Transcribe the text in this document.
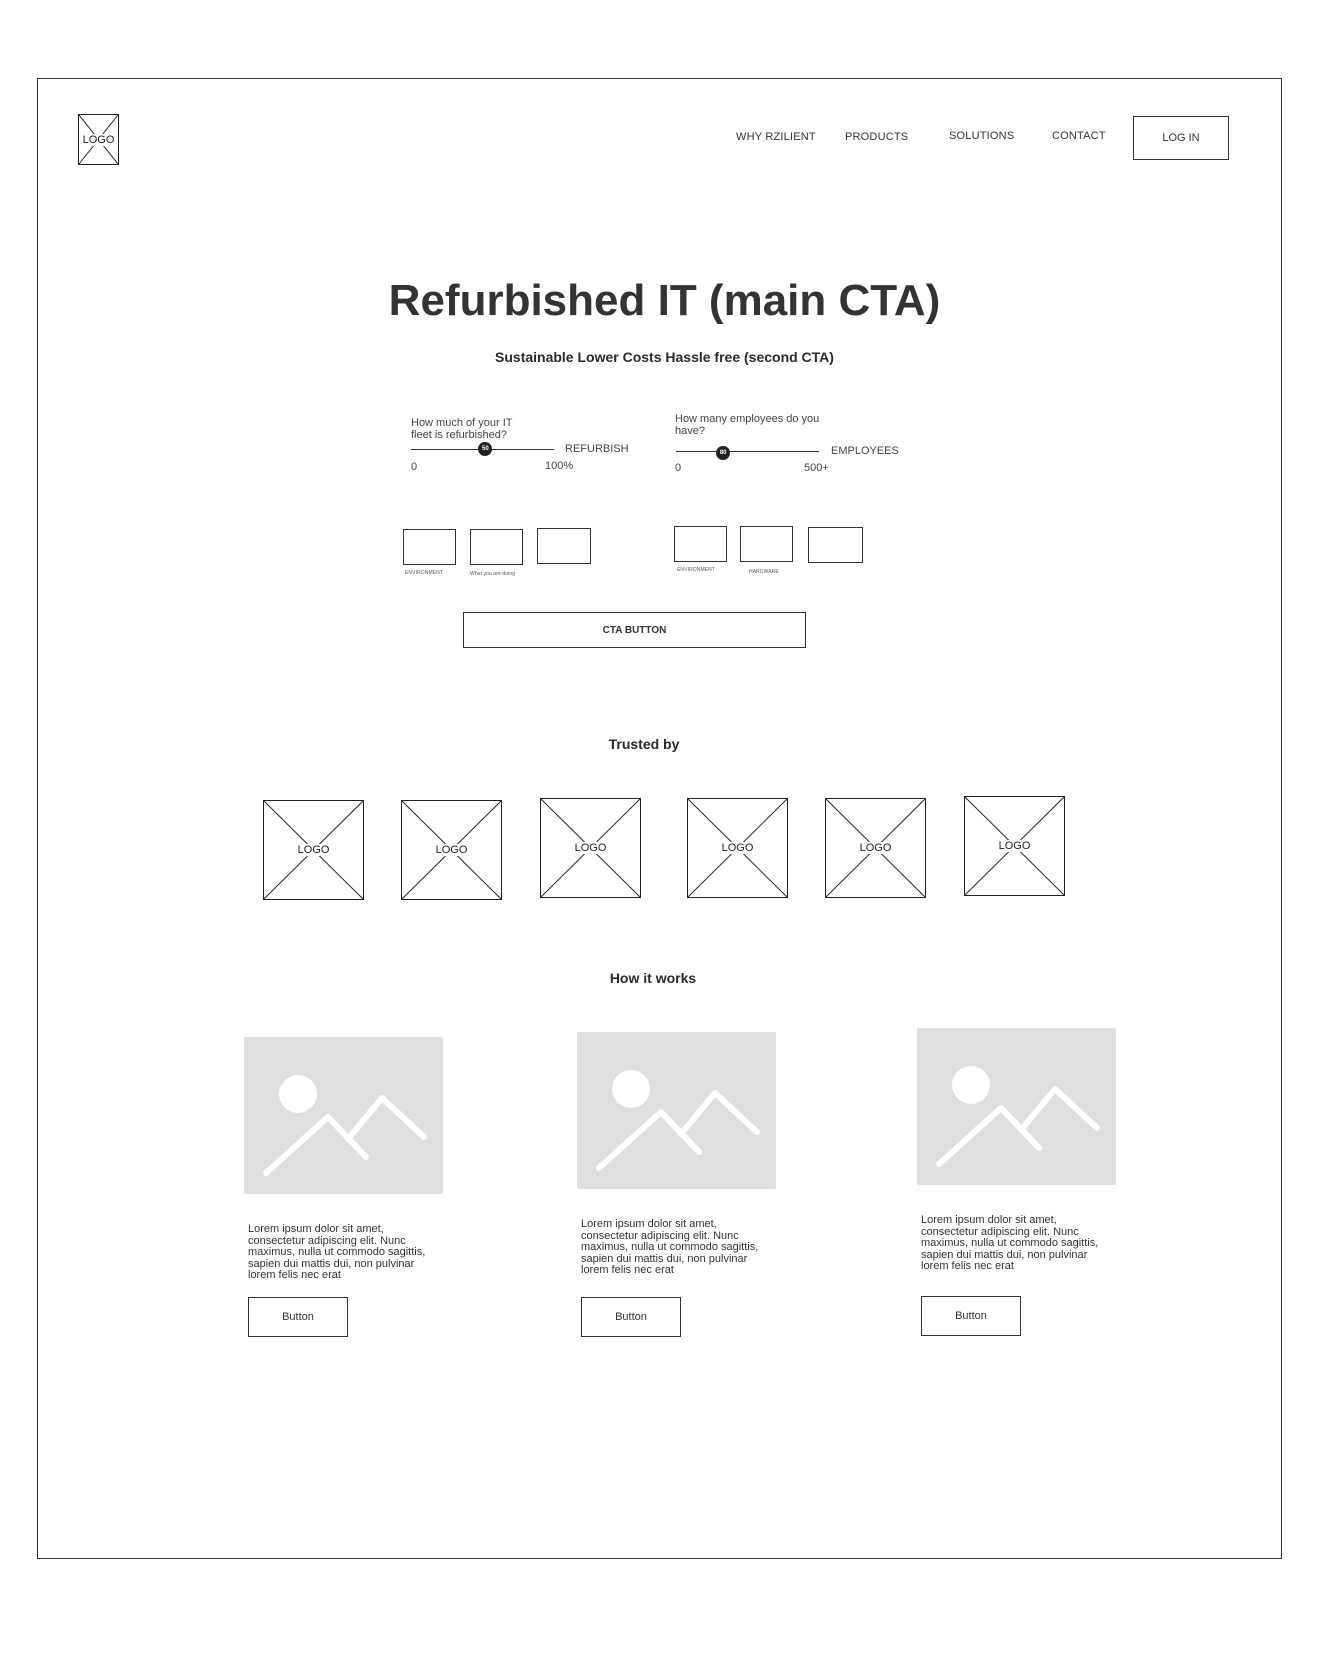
LOGO	WHY RZILIENT	PRODUCTS	SOLUTIONS	CONTACT	LOG IN
Refurbished IT (main CTA)
Sustainable Lower Costs Hassle free (second CTA)
How much of your IT fleet is refurbished?
50	REFURBISH
0	100%
How many employees do you have?
80	EMPLOYEES
0	500+
ENVIRONMENT	What you are doing
ENVIRONMENT	HARDWARE
CTA BUTTON
Trusted by
LOGO	LOGO	LOGO	LOGO	LOGO	LOGO
How it works
Lorem ipsum dolor sit amet, consectetur adipiscing elit. Nunc maximus, nulla ut commodo sagittis, sapien dui mattis dui, non pulvinar lorem felis nec erat
Button
Lorem ipsum dolor sit amet, consectetur adipiscing elit. Nunc maximus, nulla ut commodo sagittis, sapien dui mattis dui, non pulvinar lorem felis nec erat
Button
Lorem ipsum dolor sit amet, consectetur adipiscing elit. Nunc maximus, nulla ut commodo sagittis, sapien dui mattis dui, non pulvinar lorem felis nec erat
Button
